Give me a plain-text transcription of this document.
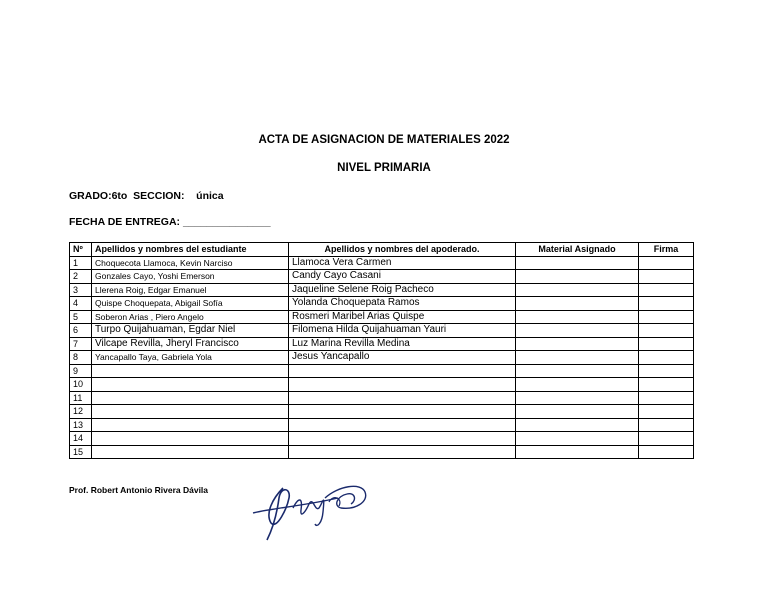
ACTA DE ASIGNACION DE MATERIALES 2022
NIVEL PRIMARIA
GRADO:6to  SECCION:    única
FECHA DE ENTREGA: _______________
Nº	Apellidos y nombres del estudiante	Apellidos y nombres del apoderado.	Material Asignado	Firma
1	Choquecota Llamoca, Kevin Narciso	Llamoca Vera Carmen		
2	Gonzales Cayo, Yoshi Emerson	Candy Cayo Casani		
3	Llerena Roig, Edgar Emanuel	Jaqueline Selene Roig Pacheco		
4	Quispe Choquepata, Abigail Sofía	Yolanda Choquepata Ramos		
5	Soberon Arias , Piero Angelo	Rosmeri Maribel Arias Quispe		
6	Turpo Quijahuaman, Egdar Niel	Filomena Hilda Quijahuaman Yauri		
7	Vilcape Revilla, Jheryl Francisco	Luz Marina Revilla Medina		
8	Yancapallo Taya, Gabriela Yola	Jesus Yancapallo		
9				
10				
11				
12				
13				
14				
15				
Prof. Robert Antonio Rivera Dávila
